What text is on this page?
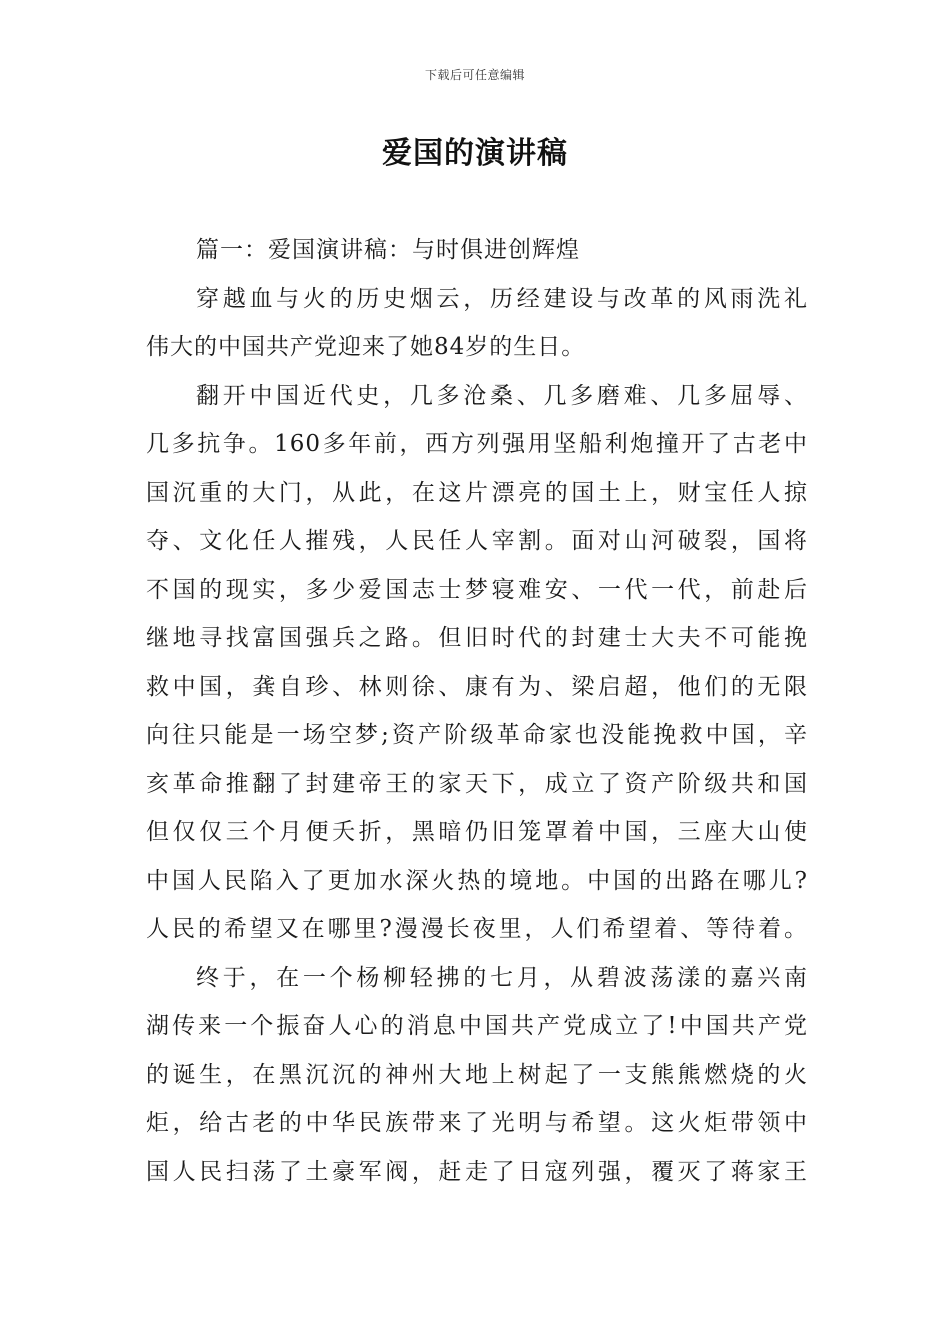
下载后可任意编辑
爱国的演讲稿
篇一：爱国演讲稿：与时俱进创辉煌
穿越血与火的历史烟云，历经建设与改革的风雨洗礼
伟大的中国共产党迎来了她84岁的生日。
翻开中国近代史，几多沧桑、几多磨难、几多屈辱、
几多抗争。160多年前，西方列强用坚船利炮撞开了古老中
国沉重的大门，从此，在这片漂亮的国土上，财宝任人掠
夺、文化任人摧残，人民任人宰割。面对山河破裂，国将
不国的现实，多少爱国志士梦寝难安、一代一代，前赴后
继地寻找富国强兵之路。但旧时代的封建士大夫不可能挽
救中国，龚自珍、林则徐、康有为、梁启超，他们的无限
向往只能是一场空梦;资产阶级革命家也没能挽救中国，辛
亥革命推翻了封建帝王的家天下，成立了资产阶级共和国
但仅仅三个月便夭折，黑暗仍旧笼罩着中国，三座大山使
中国人民陷入了更加水深火热的境地。中国的出路在哪儿?
人民的希望又在哪里?漫漫长夜里，人们希望着、等待着。
终于，在一个杨柳轻拂的七月，从碧波荡漾的嘉兴南
湖传来一个振奋人心的消息中国共产党成立了!中国共产党
的诞生，在黑沉沉的神州大地上树起了一支熊熊燃烧的火
炬，给古老的中华民族带来了光明与希望。这火炬带领中
国人民扫荡了土豪军阀，赶走了日寇列强，覆灭了蒋家王
